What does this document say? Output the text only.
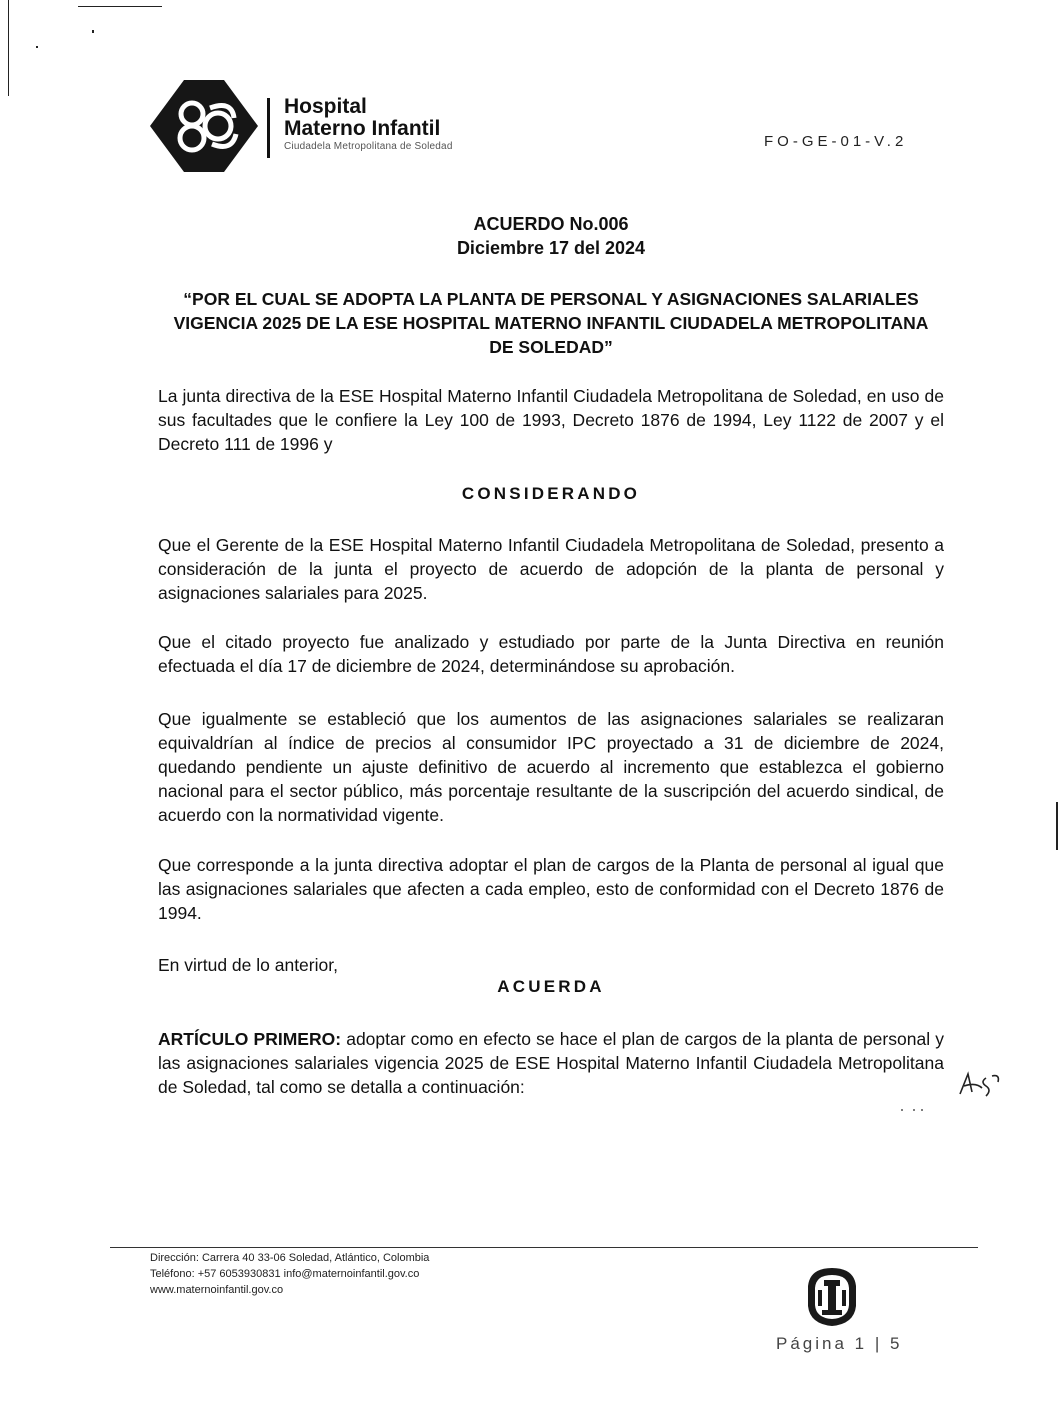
Hospital
Materno Infantil
Ciudadela Metropolitana de Soledad	FO-GE-01-V.2
ACUERDO No.006
Diciembre 17 del 2024
“POR EL CUAL SE ADOPTA LA PLANTA DE PERSONAL Y ASIGNACIONES SALARIALES VIGENCIA 2025 DE LA ESE HOSPITAL MATERNO INFANTIL CIUDADELA METROPOLITANA DE SOLEDAD”
La junta directiva de la ESE Hospital Materno Infantil Ciudadela Metropolitana de Soledad, en uso de sus facultades que le confiere la Ley 100 de 1993, Decreto 1876 de 1994, Ley 1122 de 2007 y el Decreto 111 de 1996 y
CONSIDERANDO
Que el Gerente de la ESE Hospital Materno Infantil Ciudadela Metropolitana de Soledad, presento a consideración de la junta el proyecto de acuerdo de adopción de la planta de personal y asignaciones salariales para 2025.
Que el citado proyecto fue analizado y estudiado por parte de la Junta Directiva en reunión efectuada el día 17 de diciembre de 2024, determinándose su aprobación.
Que igualmente se estableció que los aumentos de las asignaciones salariales se realizaran equivaldrían al índice de precios al consumidor IPC proyectado a 31 de diciembre de 2024, quedando pendiente un ajuste definitivo de acuerdo al incremento que establezca el gobierno nacional para el sector público, más porcentaje resultante de la suscripción del acuerdo sindical, de acuerdo con la normatividad vigente.
Que corresponde a la junta directiva adoptar el plan de cargos de la Planta de personal al igual que las asignaciones salariales que afecten a cada empleo, esto de conformidad con el Decreto 1876 de 1994.
En virtud de lo anterior,
ACUERDA
ARTÍCULO PRIMERO: adoptar como en efecto se hace el plan de cargos de la planta de personal y las asignaciones salariales vigencia 2025 de ESE Hospital Materno Infantil Ciudadela Metropolitana de Soledad, tal como se detalla a continuación:
Dirección: Carrera 40 33-06 Soledad, Atlántico, Colombia
Teléfono: +57 6053930831 info@maternoinfantil.gov.co
www.maternoinfantil.gov.co
Página 1 | 5
